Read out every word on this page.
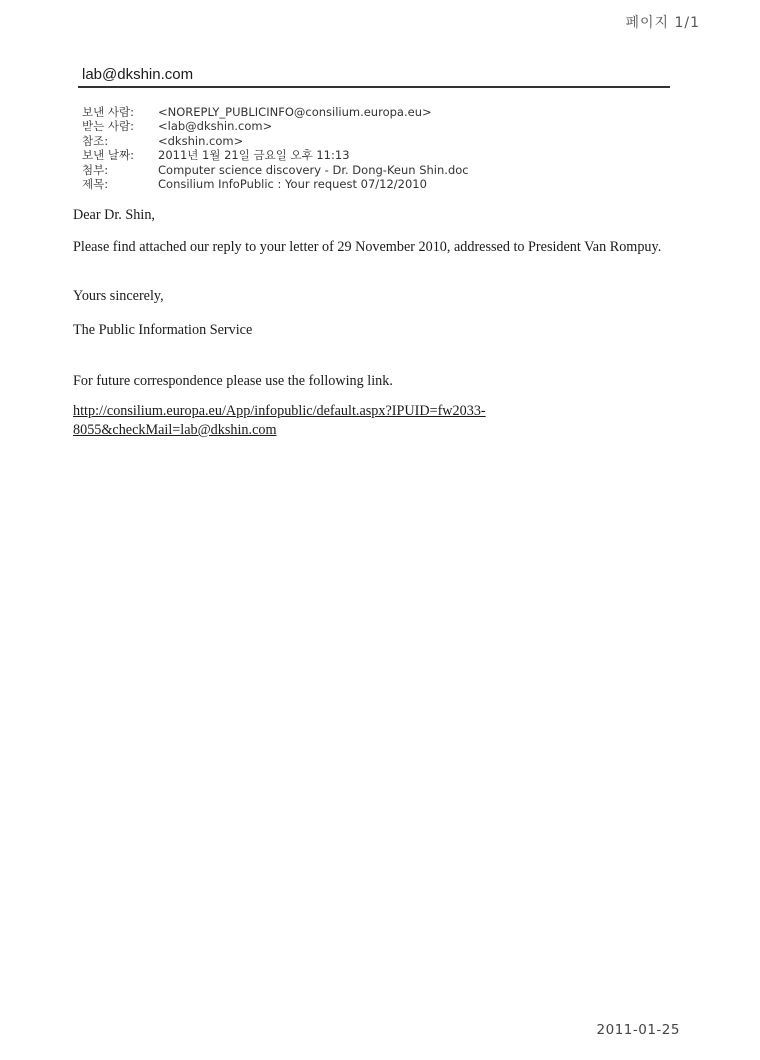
페이지 1/1
lab@dkshin.com
보낸 사람:	<NOREPLY_PUBLICINFO@consilium.europa.eu>
받는 사람:	<lab@dkshin.com>
참조:	<dkshin.com>
보낸 날짜:	2011년 1월 21일 금요일 오후 11:13
첨부:	Computer science discovery - Dr. Dong-Keun Shin.doc
제목:	Consilium InfoPublic : Your request 07/12/2010

Dear Dr. Shin,

Please find attached our reply to your letter of 29 November 2010, addressed to President Van Rompuy.

Yours sincerely,

The Public Information Service

For future correspondence please use the following link.

http://consilium.europa.eu/App/infopublic/default.aspx?IPUID=fw2033-
8055&checkMail=lab@dkshin.com

2011-01-25
